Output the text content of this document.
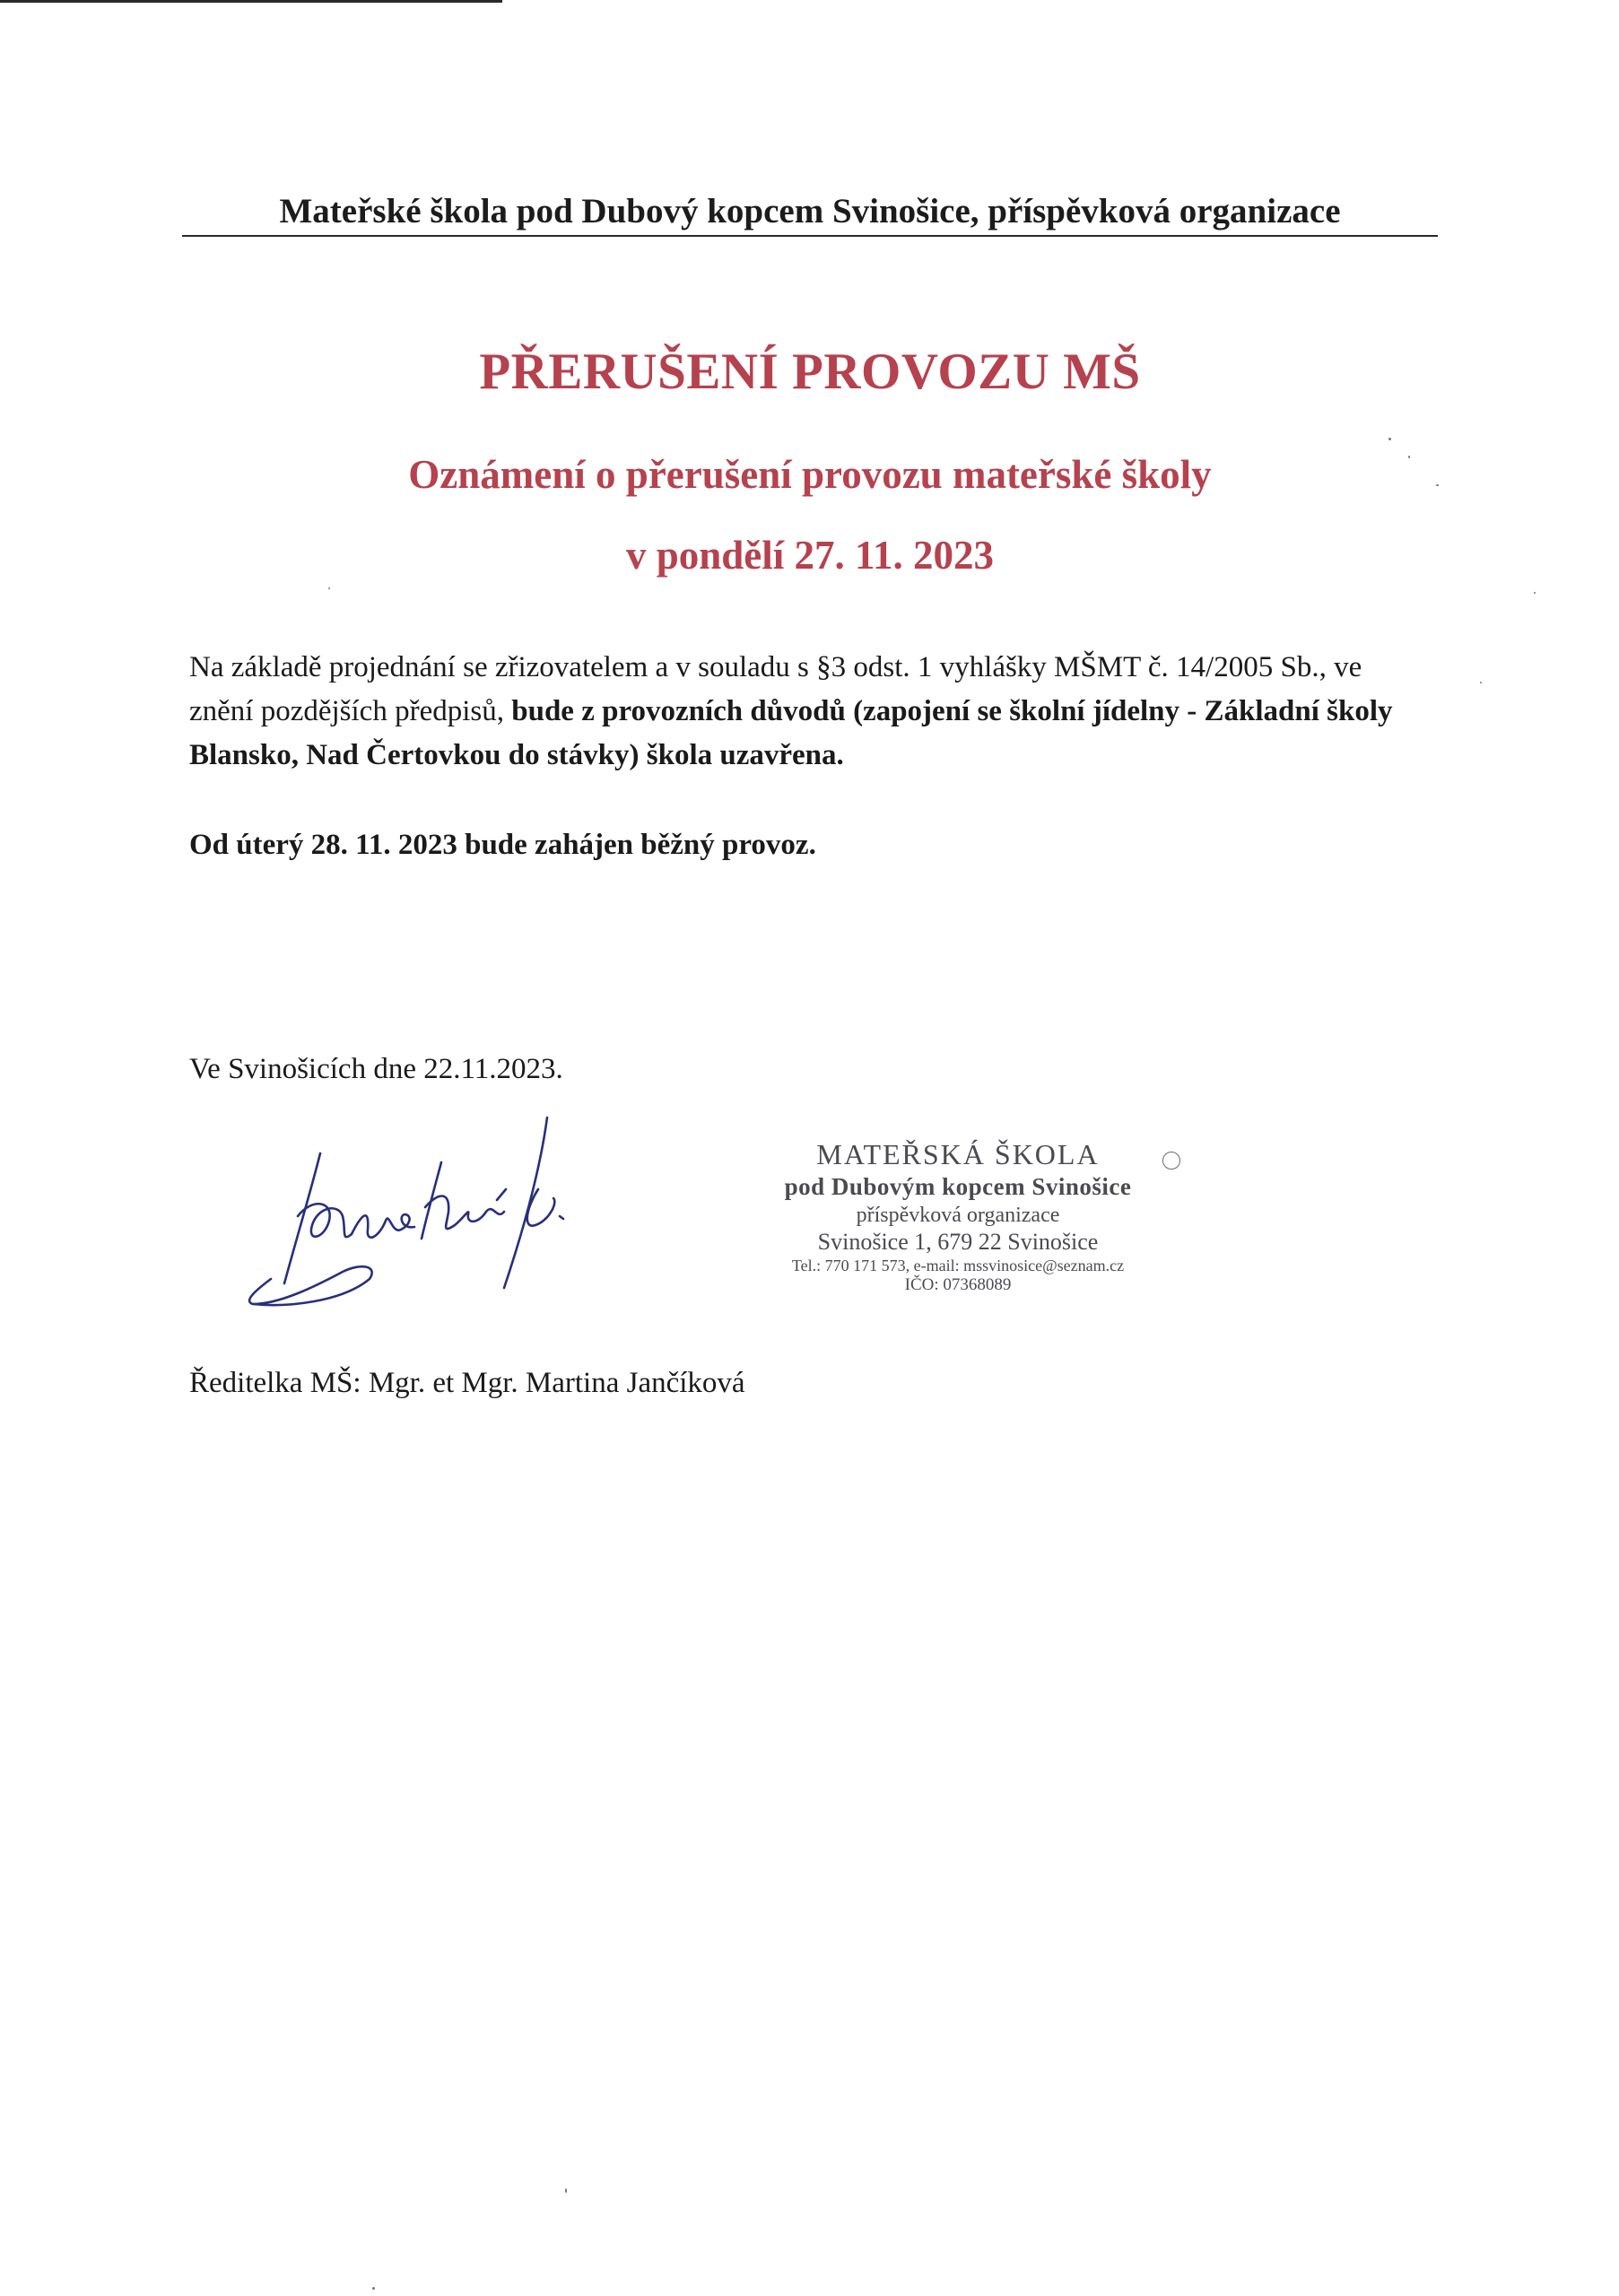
Mateřské škola pod Dubový kopcem Svinošice, příspěvková organizace
PŘERUŠENÍ PROVOZU MŠ
Oznámení o přerušení provozu mateřské školy
v pondělí 27. 11. 2023
Na základě projednání se zřizovatelem a v souladu s §3 odst. 1 vyhlášky MŠMT č. 14/2005 Sb., ve znění pozdějších předpisů, bude z provozních důvodů (zapojení se školní jídelny - Základní školy Blansko, Nad Čertovkou do stávky) škola uzavřena.
Od úterý 28. 11. 2023 bude zahájen běžný provoz.
Ve Svinošicích dne 22.11.2023.
MATEŘSKÁ ŠKOLA
pod Dubovým kopcem Svinošice
příspěvková organizace
Svinošice 1, 679 22 Svinošice
Tel.: 770 171 573, e-mail: mssvinosice@seznam.cz
IČO: 07368089
Ředitelka MŠ: Mgr. et Mgr. Martina Jančíková
